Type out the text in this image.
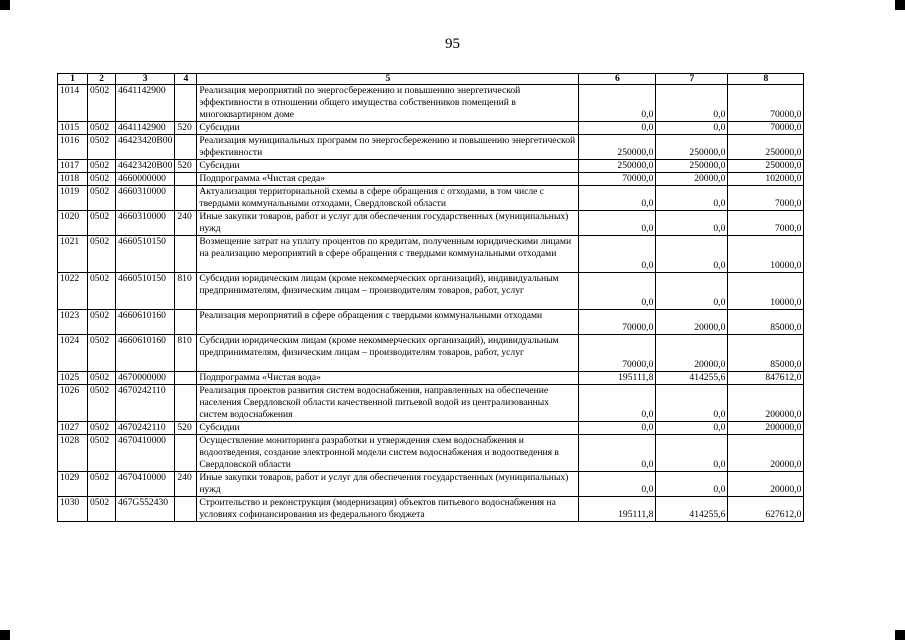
95
1	2	3	4	5	6	7	8
1014	0502	4641142900		Реализация мероприятий по энергосбережению и повышению энергетической эффективности в отношении общего имущества собственников помещений в многоквартирном доме	0,0	0,0	70000,0
1015	0502	4641142900	520	Субсидии	0,0	0,0	70000,0
1016	0502	46423420В00		Реализация муниципальных программ по энергосбережению и повышению энергетической эффективности	250000,0	250000,0	250000,0
1017	0502	46423420В00	520	Субсидии	250000,0	250000,0	250000,0
1018	0502	4660000000		Подпрограмма «Чистая среда»	70000,0	20000,0	102000,0
1019	0502	4660310000		Актуализация территориальной схемы в сфере обращения с отходами, в том числе с твердыми коммунальными отходами, Свердловской области	0,0	0,0	7000,0
1020	0502	4660310000	240	Иные закупки товаров, работ и услуг для обеспечения государственных (муниципальных) нужд	0,0	0,0	7000,0
1021	0502	4660510150		Возмещение затрат на уплату процентов по кредитам, полученным юридическими лицами на реализацию мероприятий в сфере обращения с твердыми коммунальными отходами	0,0	0,0	10000,0
1022	0502	4660510150	810	Субсидии юридическим лицам (кроме некоммерческих организаций), индивидуальным предпринимателям, физическим лицам – производителям товаров, работ, услуг	0,0	0,0	10000,0
1023	0502	4660610160		Реализация мероприятий в сфере обращения с твердыми коммунальными отходами	70000,0	20000,0	85000,0
1024	0502	4660610160	810	Субсидии юридическим лицам (кроме некоммерческих организаций), индивидуальным предпринимателям, физическим лицам – производителям товаров, работ, услуг	70000,0	20000,0	85000,0
1025	0502	4670000000		Подпрограмма «Чистая вода»	195111,8	414255,6	847612,0
1026	0502	4670242110		Реализация проектов развития систем водоснабжения, направленных на обеспечение населения Свердловской области качественной питьевой водой из централизованных систем водоснабжения	0,0	0,0	200000,0
1027	0502	4670242110	520	Субсидии	0,0	0,0	200000,0
1028	0502	4670410000		Осуществление мониторинга разработки и утверждения схем водоснабжения и водоотведения, создание электронной модели систем водоснабжения и водоотведения в Свердловской области	0,0	0,0	20000,0
1029	0502	4670410000	240	Иные закупки товаров, работ и услуг для обеспечения государственных (муниципальных) нужд	0,0	0,0	20000,0
1030	0502	467G552430		Строительство и реконструкция (модернизация) объектов питьевого водоснабжения на условиях софинансирования из федерального бюджета	195111,8	414255,6	627612,0
